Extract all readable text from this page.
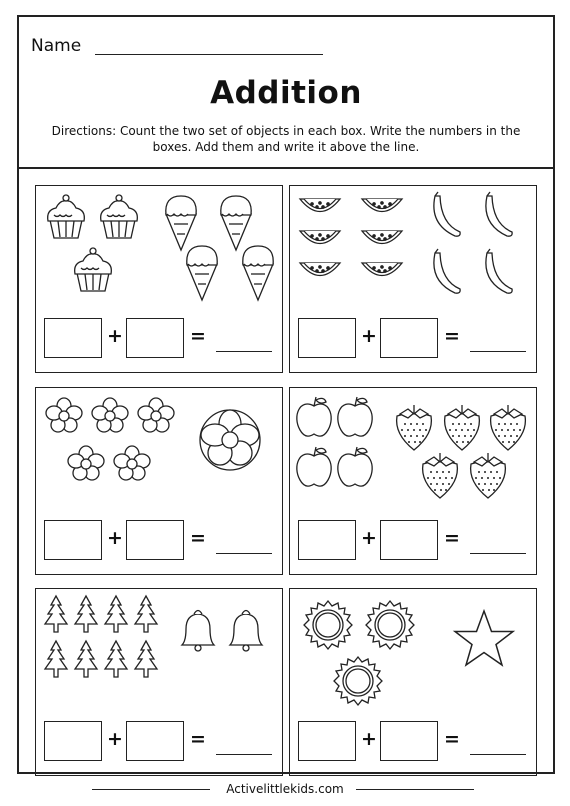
Name
Addition
Directions: Count the two set of objects in each box. Write the numbers in the boxes. Add them and write it above the line.
+	=	+	=
+	=	+	=
+	=	+	=
Activelittlekids.com
